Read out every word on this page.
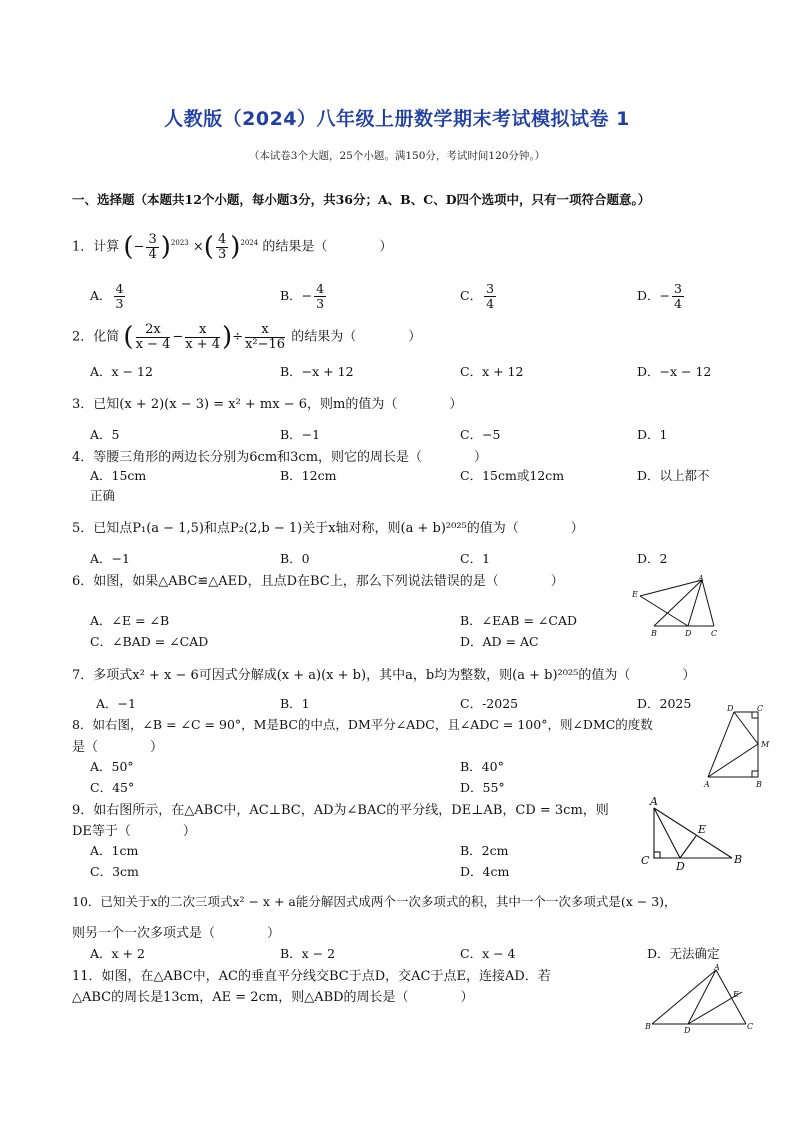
人教版（2024）八年级上册数学期末考试模拟试卷 1
（本试卷3个大题，25个小题。满150分，考试时间120分钟。）
一、选择题（本题共12个小题，每小题3分，共36分；A、B、C、D四个选项中，只有一项符合题意。）
1．计算 (− $\frac{3}{4} )^{2023}$ ×( $\frac{4}{3} )^{2024}$ 的结果是（　　　　）
A． $\frac{4}{3}$	B．− $\frac{4}{3}$	C． $\frac{3}{4}$	D．− $\frac{3}{4}$
2．化简 ( $\frac{2x}{x - 4} - \frac{x}{x + 4}$ )÷ $\frac{x}{\text{x²−16}}$ 的结果为（　　　　）
A．x − 12	B．−x + 12	C．x + 12	D．−x − 12
3．已知(x + 2)(x − 3) = x² + mx − 6，则m的值为（　　　　）
A．5	B．−1	C．−5	D．1
4．等腰三角形的两边长分别为6cm和3cm，则它的周长是（　　　　）
A．15cm	B．12cm	C．15cm或12cm	D．以上都不
正确
5．已知点P₁(a − 1,5)和点P₂(2,b − 1)关于x轴对称，则(a + b)²⁰²⁵的值为（　　　　）
A．−1	B．0	C．1	D．2
6．如图，如果△ABC≌△AED，且点D在BC上，那么下列说法错误的是（　　　　）
A．∠E = ∠B	B．∠EAB = ∠CAD
C．∠BAD = ∠CAD	D．AD = AC
A
E
B	D C
7．多项式x² + x − 6可因式分解成(x + a)(x + b)，其中a，b均为整数，则(a + b)²⁰²⁵的值为（　　　　）
A．−1	B．1	C．-2025	D．2025
8．如右图，∠B = ∠C = 90°，M是BC的中点，DM平分∠ADC，且∠ADC = 100°，则∠DMC的度数
是（　　　　）
A．50°	B．40°
C．45°	D．55°
D	C
M
A	B
9．如右图所示，在△ABC中，AC⊥BC，AD为∠BAC的平分线，DE⊥AB，CD = 3cm，则
DE等于（　　　　）
A．1cm	B．2cm
C．3cm	D．4cm
A
E
C D
B
10．已知关于x的二次三项式x² − x + a能分解因式成两个一次多项式的积，其中一个一次多项式是(x − 3)，
则另一个一次多项式是（　　　　）
A．x + 2	B．x − 2	C．x − 4	D．无法确定
11．如图，在△ABC中，AC的垂直平分线交BC于点D，交AC于点E，连接AD．若
△ABC的周长是13cm，AE = 2cm，则△ABD的周长是（　　　　）
A
E
B	D	C
